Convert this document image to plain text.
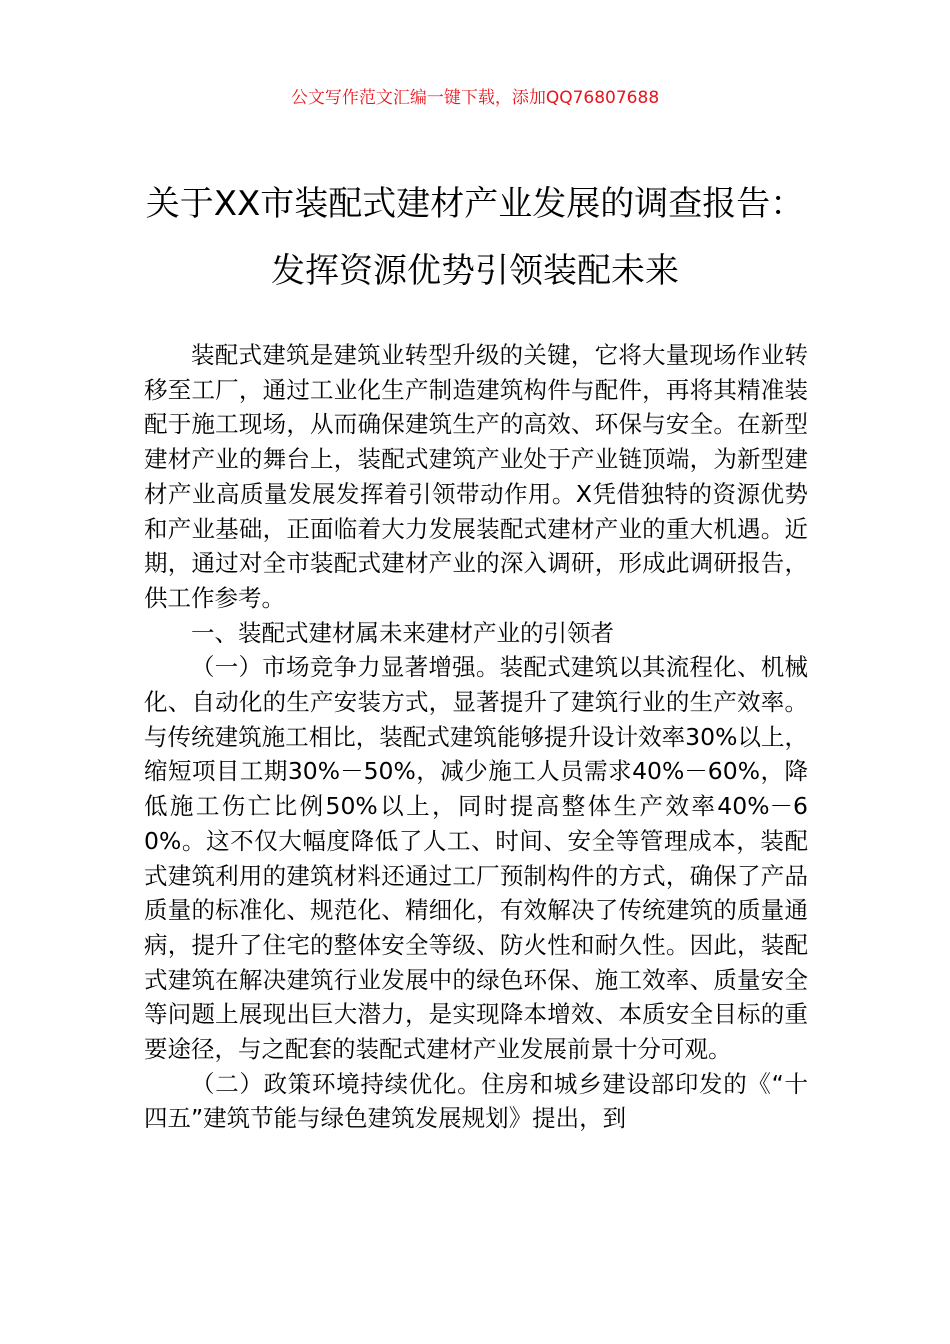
公文写作范文汇编一键下载，添加QQ76807688
关于XX市装配式建材产业发展的调查报告：
发挥资源优势引领装配未来

装配式建筑是建筑业转型升级的关键，它将大量现场作业转移至工厂，通过工业化生产制造建筑构件与配件，再将其精准装配于施工现场，从而确保建筑生产的高效、环保与安全。在新型建材产业的舞台上，装配式建筑产业处于产业链顶端，为新型建材产业高质量发展发挥着引领带动作用。X凭借独特的资源优势和产业基础，正面临着大力发展装配式建材产业的重大机遇。近期，通过对全市装配式建材产业的深入调研，形成此调研报告，供工作参考。

一、装配式建材属未来建材产业的引领者

（一）市场竞争力显著增强。装配式建筑以其流程化、机械化、自动化的生产安装方式，显著提升了建筑行业的生产效率。与传统建筑施工相比，装配式建筑能够提升设计效率30%以上，缩短项目工期30%－50%，减少施工人员需求40%－60%，降低施工伤亡比例50%以上，同时提高整体生产效率40%－60%。这不仅大幅度降低了人工、时间、安全等管理成本，装配式建筑利用的建筑材料还通过工厂预制构件的方式，确保了产品质量的标准化、规范化、精细化，有效解决了传统建筑的质量通病，提升了住宅的整体安全等级、防火性和耐久性。因此，装配式建筑在解决建筑行业发展中的绿色环保、施工效率、质量安全等问题上展现出巨大潜力，是实现降本增效、本质安全目标的重要途径，与之配套的装配式建材产业发展前景十分可观。

（二）政策环境持续优化。住房和城乡建设部印发的《“十四五”建筑节能与绿色建筑发展规划》提出，到
